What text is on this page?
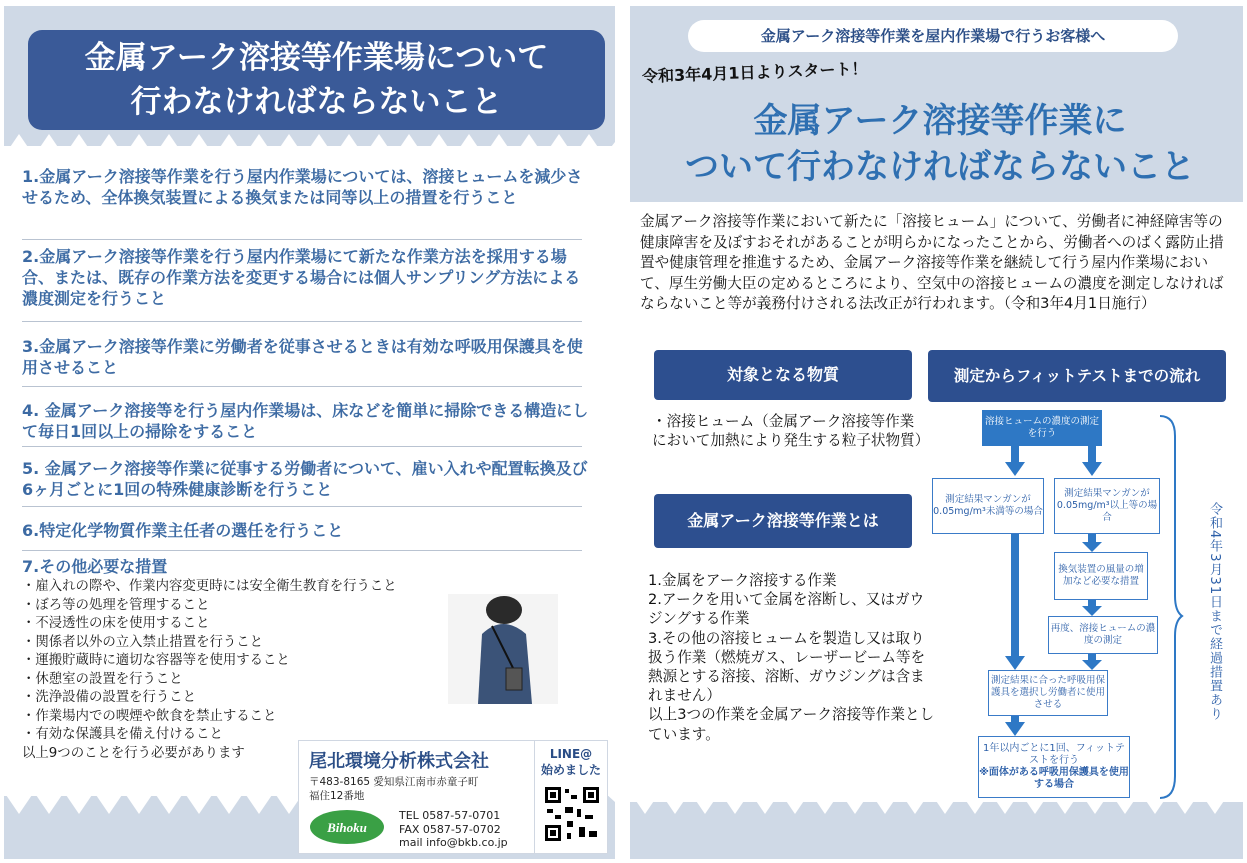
金属アーク溶接等作業場について
行わなければならないこと
1.金属アーク溶接等作業を行う屋内作業場については、溶接ヒュームを減少させるため、全体換気装置による換気または同等以上の措置を行うこと
2.金属アーク溶接等作業を行う屋内作業場にて新たな作業方法を採用する場合、または、既存の作業方法を変更する場合には個人サンプリング方法による濃度測定を行うこと
3.金属アーク溶接等作業に労働者を従事させるときは有効な呼吸用保護具を使用させること
4. 金属アーク溶接等を行う屋内作業場は、床などを簡単に掃除できる構造にして毎日1回以上の掃除をすること
5. 金属アーク溶接等作業に従事する労働者について、雇い入れや配置転換及び6ヶ月ごとに1回の特殊健康診断を行うこと
6.特定化学物質作業主任者の選任を行うこと
7.その他必要な措置
・雇入れの際や、作業内容変更時には安全衛生教育を行うこと
・ぼろ等の処理を管理すること
・不浸透性の床を使用すること
・関係者以外の立入禁止措置を行うこと
・運搬貯蔵時に適切な容器等を使用すること
・休憩室の設置を行うこと
・洗浄設備の設置を行うこと
・作業場内での喫煙や飲食を禁止すること
・有効な保護具を備え付けること
以上9つのことを行う必要があります	尾北環境分析株式会社
〒483-8165 愛知県江南市赤童子町
福住12番地
Bihoku
TEL 0587-57-0701
FAX 0587-57-0702
mail info@bkb.co.jp
LINE@
始めました
金属アーク溶接等作業を屋内作業場で行うお客様へ
令和3年4月1日よりスタート！
金属アーク溶接等作業に
ついて行わなければならないこと
金属アーク溶接等作業において新たに「溶接ヒューム」について、労働者に神経障害等の健康障害を及ぼすおそれがあることが明らかになったことから、労働者へのばく露防止措置や健康管理を推進するため、金属アーク溶接等作業を継続して行う屋内作業場において、厚生労働大臣の定めるところにより、空気中の溶接ヒュームの濃度を測定しなければならないこと等が義務付けされる法改正が行われます。（令和3年4月1日施行）
対象となる物質
・溶接ヒューム（金属アーク溶接等作業において加熱により発生する粒子状物質）
金属アーク溶接等作業とは
1.金属をアーク溶接する作業
2.アークを用いて金属を溶断し、又はガウジングする作業
3.その他の溶接ヒュームを製造し又は取り扱う作業（燃焼ガス、レーザービーム等を熱源とする溶接、溶断、ガウジングは含まれません）
以上3つの作業を金属アーク溶接等作業としています。
測定からフィットテストまでの流れ
溶接ヒュームの濃度の測定を行う
測定結果マンガンが0.05mg/m³未満等の場合
測定結果マンガンが0.05mg/m³以上等の場合
換気装置の風量の増加など必要な措置
再度、溶接ヒュームの濃度の測定
測定結果に合った呼吸用保護具を選択し労働者に使用させる
1年以内ごとに1回、フィットテストを行う
※面体がある呼吸用保護具を使用する場合
令和4年3月31日まで経過措置あり
